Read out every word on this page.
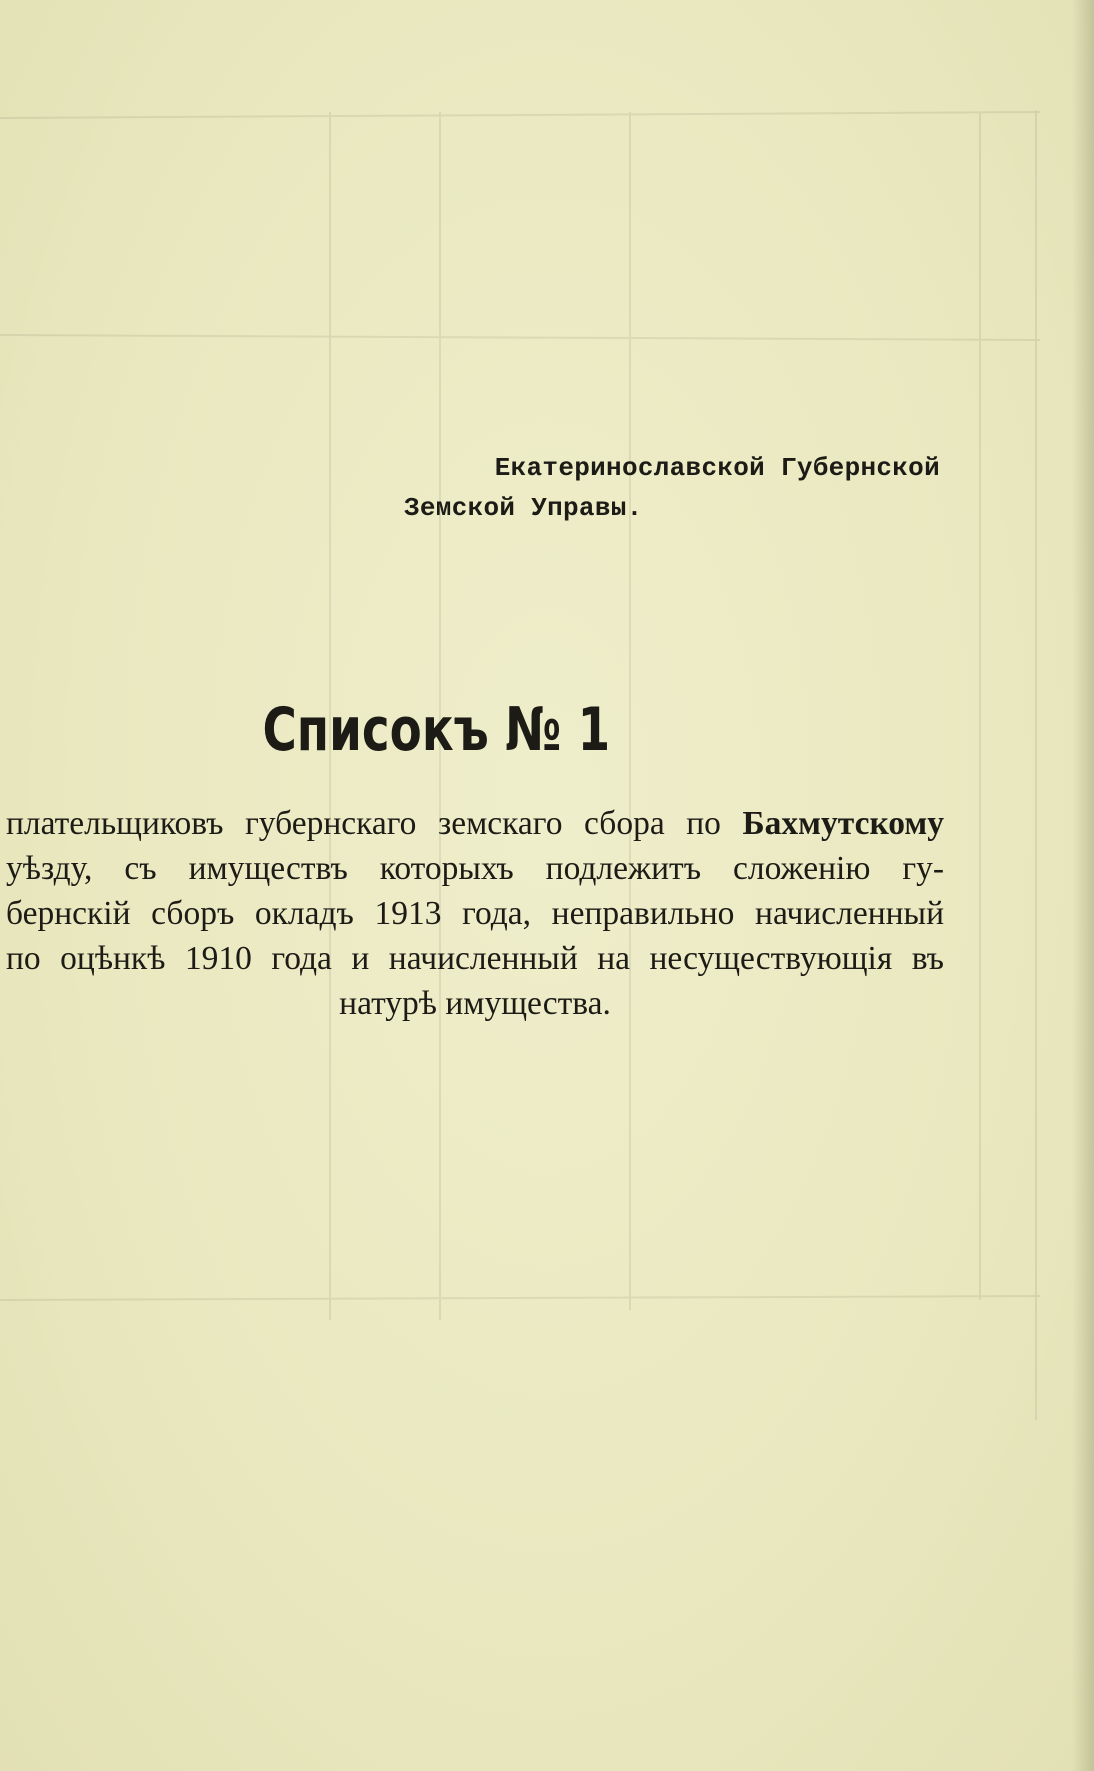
Екатеринославской Губернской
Земской Управы.
Списокъ № 1
плательщиковъ губернскаго земскаго сбора по Бахмутскому
уѣзду, съ имуществъ которыхъ подлежитъ сложенію гу-
бернскій сборъ окладъ 1913 года, неправильно начисленный
по оцѣнкѣ 1910 года и начисленный на несуществующія въ
натурѣ имущества.
